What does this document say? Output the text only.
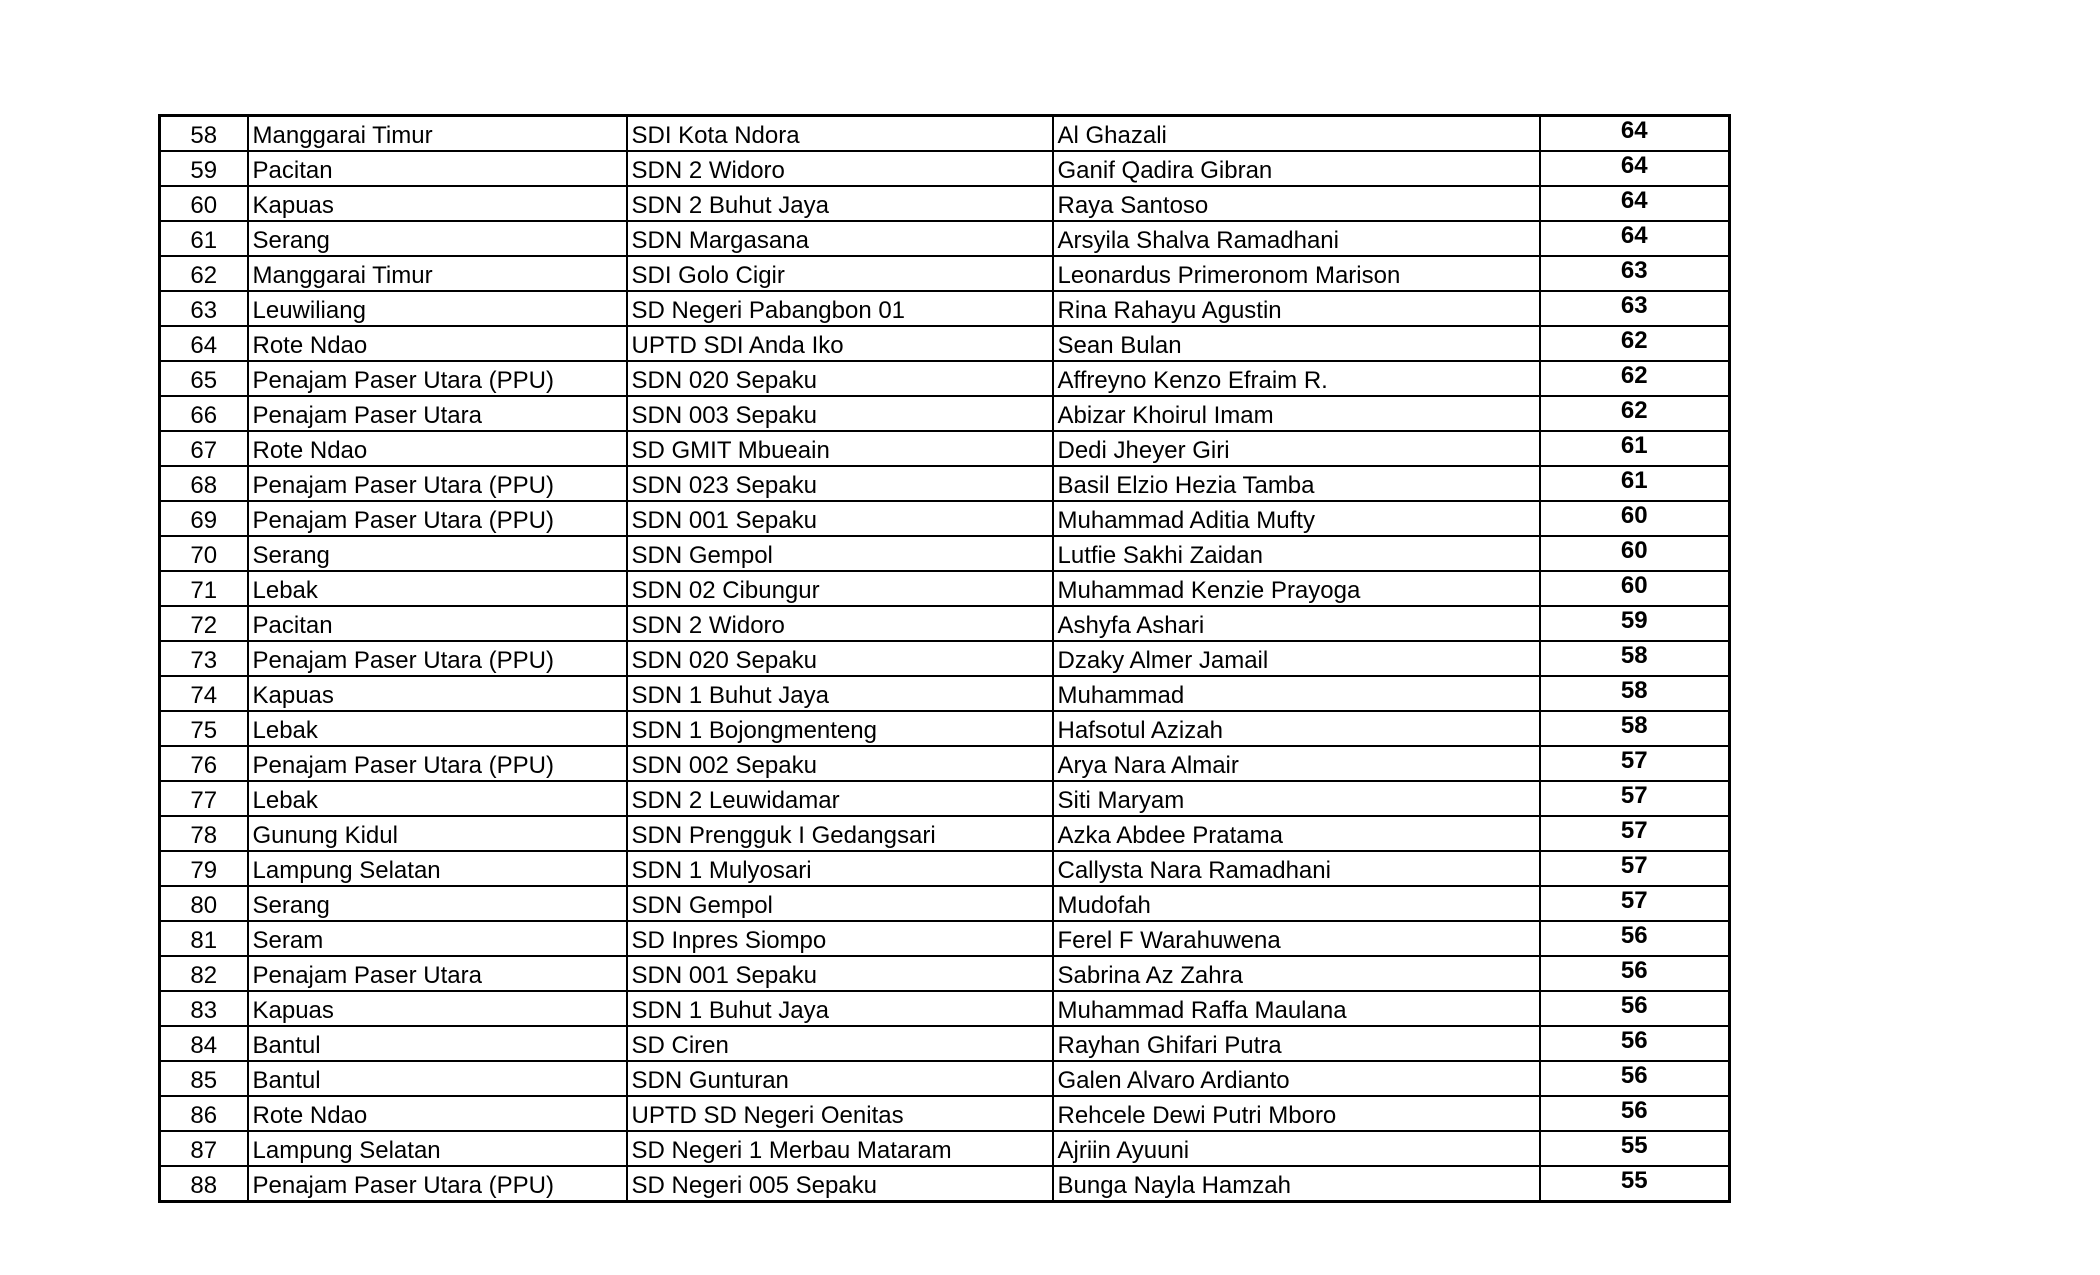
58	Manggarai Timur	SDI Kota Ndora	Al Ghazali	64
59	Pacitan	SDN 2 Widoro	Ganif Qadira Gibran	64
60	Kapuas	SDN 2 Buhut Jaya	Raya Santoso	64
61	Serang	SDN Margasana	Arsyila Shalva Ramadhani	64
62	Manggarai Timur	SDI Golo Cigir	Leonardus Primeronom Marison	63
63	Leuwiliang	SD Negeri Pabangbon 01	Rina Rahayu Agustin	63
64	Rote Ndao	UPTD SDI Anda Iko	Sean Bulan	62
65	Penajam Paser Utara (PPU)	SDN 020 Sepaku	Affreyno Kenzo Efraim R.	62
66	Penajam Paser Utara	SDN 003 Sepaku	Abizar Khoirul Imam	62
67	Rote Ndao	SD GMIT Mbueain	Dedi Jheyer Giri	61
68	Penajam Paser Utara (PPU)	SDN 023 Sepaku	Basil Elzio Hezia Tamba	61
69	Penajam Paser Utara (PPU)	SDN 001 Sepaku	Muhammad Aditia Mufty	60
70	Serang	SDN Gempol	Lutfie Sakhi Zaidan	60
71	Lebak	SDN 02 Cibungur	Muhammad Kenzie Prayoga	60
72	Pacitan	SDN 2 Widoro	Ashyfa Ashari	59
73	Penajam Paser Utara (PPU)	SDN 020 Sepaku	Dzaky Almer Jamail	58
74	Kapuas	SDN 1 Buhut Jaya	Muhammad	58
75	Lebak	SDN 1 Bojongmenteng	Hafsotul Azizah	58
76	Penajam Paser Utara (PPU)	SDN 002 Sepaku	Arya Nara Almair	57
77	Lebak	SDN 2 Leuwidamar	Siti Maryam	57
78	Gunung Kidul	SDN Prengguk I Gedangsari	Azka Abdee Pratama	57
79	Lampung Selatan	SDN 1 Mulyosari	Callysta Nara Ramadhani	57
80	Serang	SDN Gempol	Mudofah	57
81	Seram	SD Inpres Siompo	Ferel F Warahuwena	56
82	Penajam Paser Utara	SDN 001 Sepaku	Sabrina Az Zahra	56
83	Kapuas	SDN 1 Buhut Jaya	Muhammad Raffa Maulana	56
84	Bantul	SD Ciren	Rayhan Ghifari Putra	56
85	Bantul	SDN Gunturan	Galen Alvaro Ardianto	56
86	Rote Ndao	UPTD SD Negeri Oenitas	Rehcele Dewi Putri Mboro	56
87	Lampung Selatan	SD Negeri 1 Merbau Mataram	Ajriin Ayuuni	55
88	Penajam Paser Utara (PPU)	SD Negeri 005 Sepaku	Bunga Nayla Hamzah	55
